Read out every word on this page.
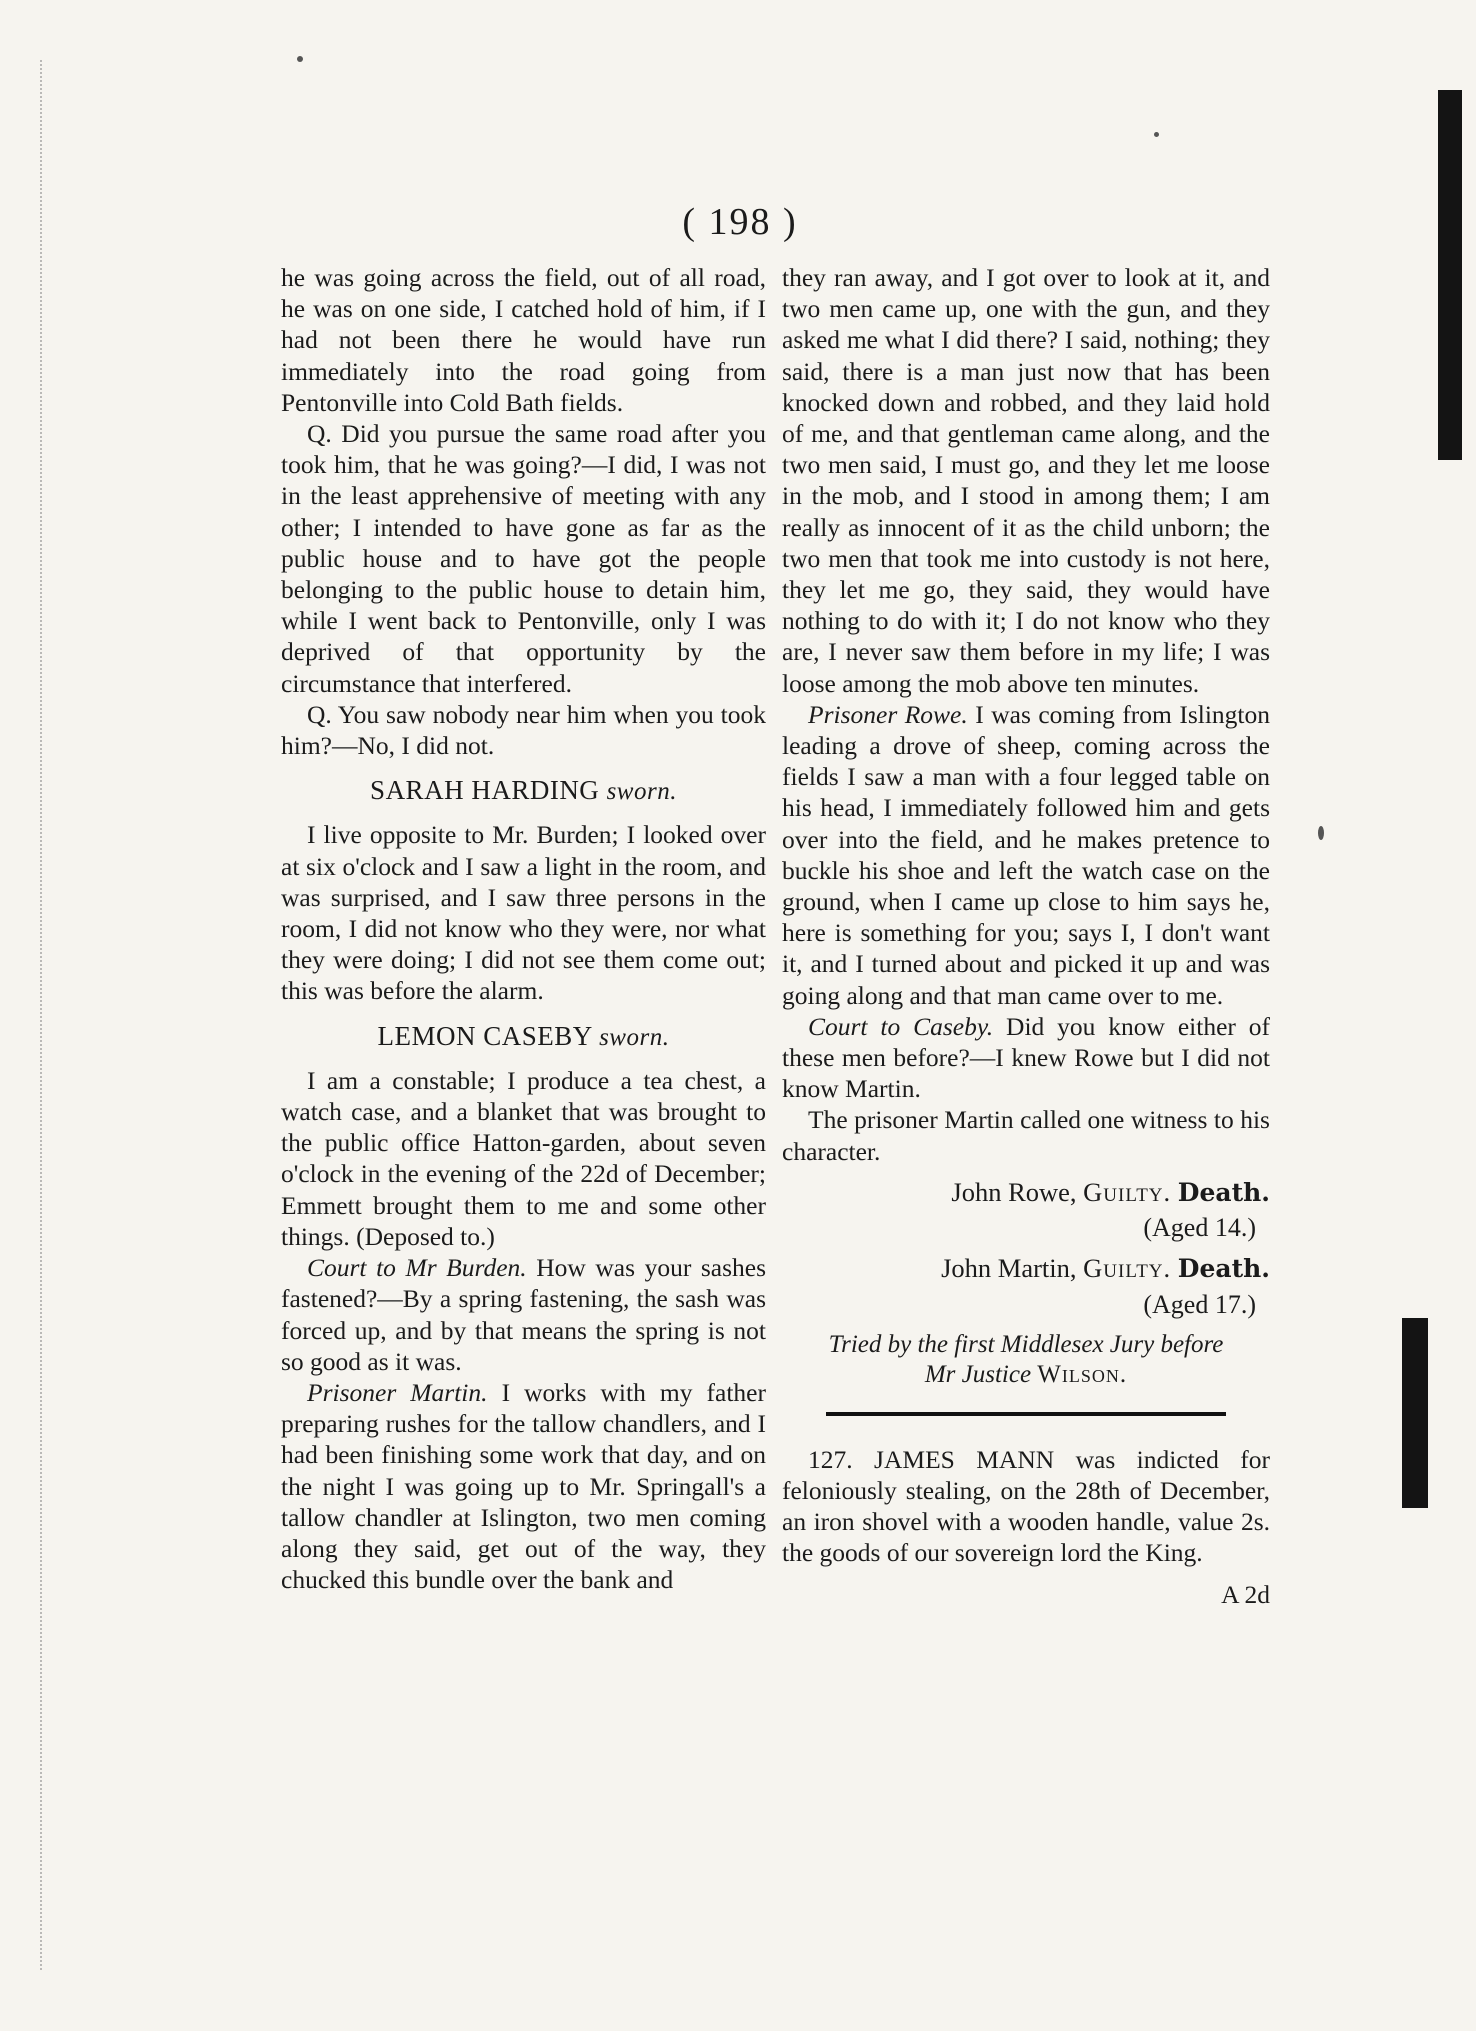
( 198 )

he was going across the field, out of all road, he was on one side, I catched hold of him, if I had not been there he would have run immediately into the road going from Pentonville into Cold Bath fields.

Q. Did you pursue the same road after you took him, that he was going?—I did, I was not in the least apprehensive of meeting with any other; I intended to have gone as far as the public house and to have got the people belonging to the public house to detain him, while I went back to Pentonville, only I was deprived of that opportunity by the circumstance that interfered.

Q. You saw nobody near him when you took him?—No, I did not.

SARAH HARDING sworn.

I live opposite to Mr. Burden; I looked over at six o'clock and I saw a light in the room, and was surprised, and I saw three persons in the room, I did not know who they were, nor what they were doing; I did not see them come out; this was before the alarm.

LEMON CASEBY sworn.

I am a constable; I produce a tea chest, a watch case, and a blanket that was brought to the public office Hatton-garden, about seven o'clock in the evening of the 22d of December; Emmett brought them to me and some other things. (Deposed to.)

Court to Mr Burden. How was your sashes fastened?—By a spring fastening, the sash was forced up, and by that means the spring is not so good as it was.

Prisoner Martin. I works with my father preparing rushes for the tallow chandlers, and I had been finishing some work that day, and on the night I was going up to Mr. Springall's a tallow chandler at Islington, two men coming along they said, get out of the way, they chucked this bundle over the bank and

they ran away, and I got over to look at it, and two men came up, one with the gun, and they asked me what I did there? I said, nothing; they said, there is a man just now that has been knocked down and robbed, and they laid hold of me, and that gentleman came along, and the two men said, I must go, and they let me loose in the mob, and I stood in among them; I am really as innocent of it as the child unborn; the two men that took me into custody is not here, they let me go, they said, they would have nothing to do with it; I do not know who they are, I never saw them before in my life; I was loose among the mob above ten minutes.

Prisoner Rowe. I was coming from Islington leading a drove of sheep, coming across the fields I saw a man with a four legged table on his head, I immediately followed him and gets over into the field, and he makes pretence to buckle his shoe and left the watch case on the ground, when I came up close to him says he, here is something for you; says I, I don't want it, and I turned about and picked it up and was going along and that man came over to me.

Court to Caseby. Did you know either of these men before?—I knew Rowe but I did not know Martin.

The prisoner Martin called one witness to his character.

John Rowe, Guilty. Death.
(Aged 14.)
John Martin, Guilty. Death.
(Aged 17.)
Tried by the first Middlesex Jury before
Mr Justice Wilson.

127. JAMES MANN was indicted for feloniously stealing, on the 28th of December, an iron shovel with a wooden handle, value 2s. the goods of our sovereign lord the King.

A 2d
